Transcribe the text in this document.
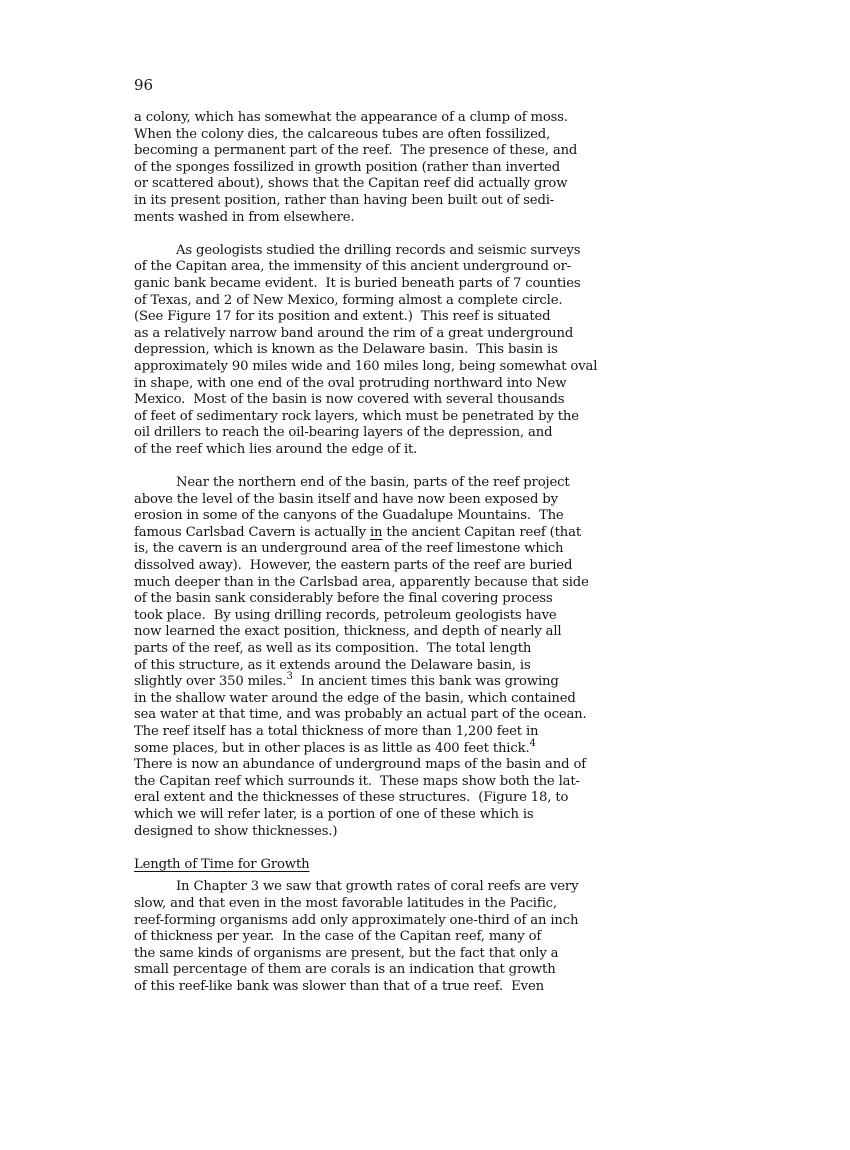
96
a colony, which has somewhat the appearance of a clump of moss.
When the colony dies, the calcareous tubes are often fossilized,
becoming a permanent part of the reef.  The presence of these, and
of the sponges fossilized in growth position (rather than inverted
or scattered about), shows that the Capitan reef did actually grow
in its present position, rather than having been built out of sedi-
ments washed in from elsewhere.
As geologists studied the drilling records and seismic surveys
of the Capitan area, the immensity of this ancient underground or-
ganic bank became evident.  It is buried beneath parts of 7 counties
of Texas, and 2 of New Mexico, forming almost a complete circle.
(See Figure 17 for its position and extent.)  This reef is situated
as a relatively narrow band around the rim of a great underground
depression, which is known as the Delaware basin.  This basin is
approximately 90 miles wide and 160 miles long, being somewhat oval
in shape, with one end of the oval protruding northward into New
Mexico.  Most of the basin is now covered with several thousands
of feet of sedimentary rock layers, which must be penetrated by the
oil drillers to reach the oil-bearing layers of the depression, and
of the reef which lies around the edge of it.
Near the northern end of the basin, parts of the reef project
above the level of the basin itself and have now been exposed by
erosion in some of the canyons of the Guadalupe Mountains.  The
famous Carlsbad Cavern is actually in the ancient Capitan reef (that
is, the cavern is an underground area of the reef limestone which
dissolved away).  However, the eastern parts of the reef are buried
much deeper than in the Carlsbad area, apparently because that side
of the basin sank considerably before the final covering process
took place.  By using drilling records, petroleum geologists have
now learned the exact position, thickness, and depth of nearly all
parts of the reef, as well as its composition.  The total length
of this structure, as it extends around the Delaware basin, is
slightly over 350 miles.$^3$  In ancient times this bank was growing
in the shallow water around the edge of the basin, which contained
sea water at that time, and was probably an actual part of the ocean.
The reef itself has a total thickness of more than 1,200 feet in
some places, but in other places is as little as 400 feet thick.$^4$
There is now an abundance of underground maps of the basin and of
the Capitan reef which surrounds it.  These maps show both the lat-
eral extent and the thicknesses of these structures.  (Figure 18, to
which we will refer later, is a portion of one of these which is
designed to show thicknesses.)
Length of Time for Growth
In Chapter 3 we saw that growth rates of coral reefs are very
slow, and that even in the most favorable latitudes in the Pacific,
reef-forming organisms add only approximately one-third of an inch
of thickness per year.  In the case of the Capitan reef, many of
the same kinds of organisms are present, but the fact that only a
small percentage of them are corals is an indication that growth
of this reef-like bank was slower than that of a true reef.  Even
